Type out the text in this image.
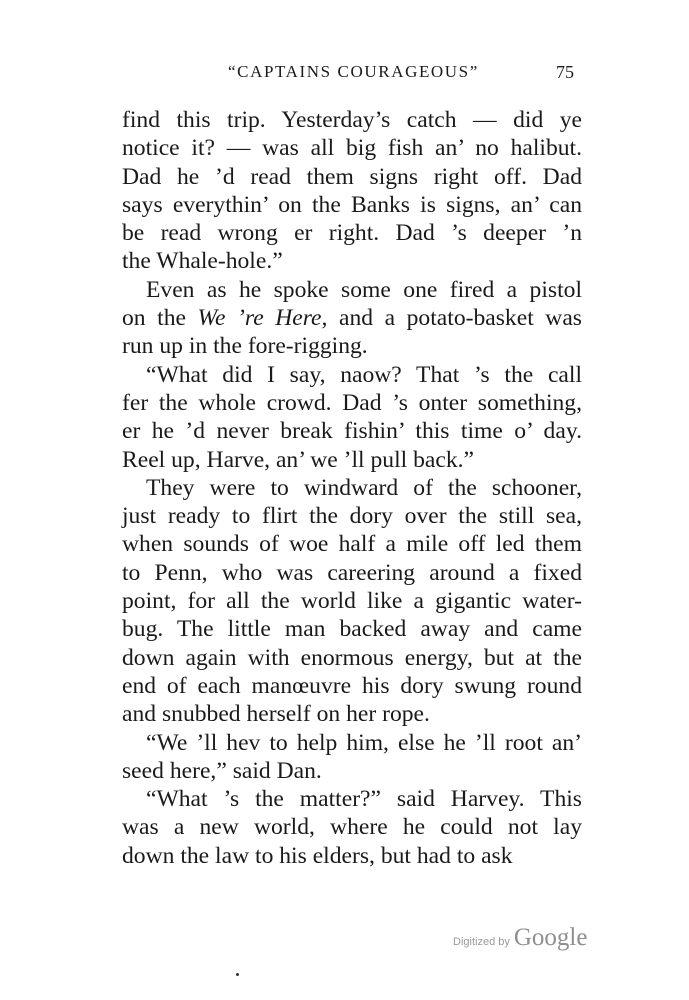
“CAPTAINS COURAGEOUS”	75

find this trip. Yesterday’s catch — did ye
notice it? — was all big fish an’ no halibut.
Dad he ’d read them signs right off. Dad
says everythin’ on the Banks is signs, an’ can
be read wrong er right. Dad ’s deeper ’n
the Whale-hole.”

Even as he spoke some one fired a pistol
on the We ’re Here, and a potato-basket was
run up in the fore-rigging.

“What did I say, naow? That ’s the call
fer the whole crowd. Dad ’s onter something,
er he ’d never break fishin’ this time o’ day.
Reel up, Harve, an’ we ’ll pull back.”

They were to windward of the schooner,
just ready to flirt the dory over the still sea,
when sounds of woe half a mile off led them
to Penn, who was careering around a fixed
point, for all the world like a gigantic water-
bug. The little man backed away and came
down again with enormous energy, but at the
end of each manœuvre his dory swung round
and snubbed herself on her rope.

“We ’ll hev to help him, else he ’ll root an’
seed here,” said Dan.

“What ’s the matter?” said Harvey. This
was a new world, where he could not lay
down the law to his elders, but had to ask

Digitized by Google
